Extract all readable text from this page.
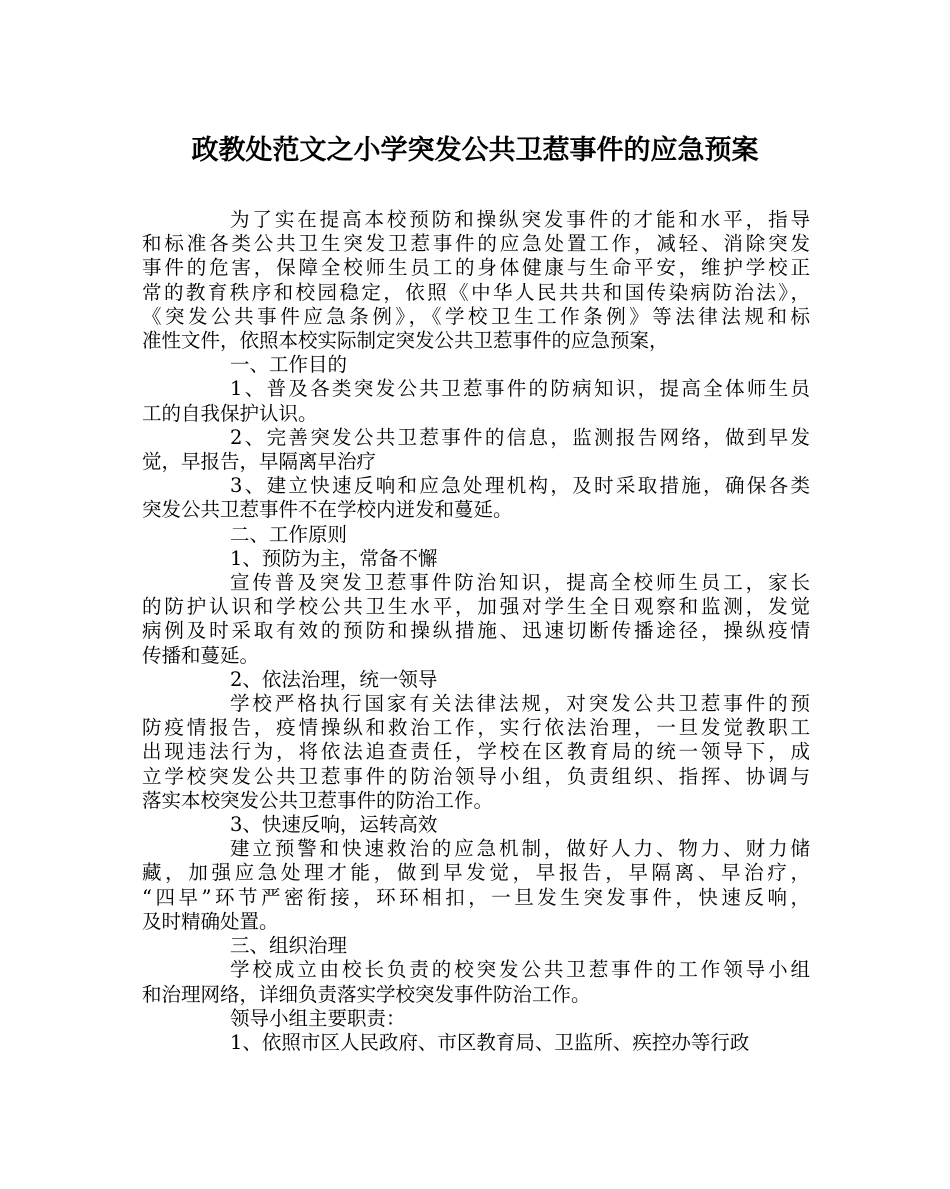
政教处范文之小学突发公共卫惹事件的应急预案
为了实在提高本校预防和操纵突发事件的才能和水平，指导
和标准各类公共卫生突发卫惹事件的应急处置工作，减轻、消除突发
事件的危害，保障全校师生员工的身体健康与生命平安，维护学校正
常的教育秩序和校园稳定，依照《中华人民共共和国传染病防治法》，
《突发公共事件应急条例》，《学校卫生工作条例》等法律法规和标
准性文件，依照本校实际制定突发公共卫惹事件的应急预案，
一、工作目的
1、普及各类突发公共卫惹事件的防病知识，提高全体师生员
工的自我保护认识。
2、完善突发公共卫惹事件的信息，监测报告网络，做到早发
觉，早报告，早隔离早治疗
3、建立快速反响和应急处理机构，及时采取措施，确保各类
突发公共卫惹事件不在学校内迸发和蔓延。
二、工作原则
1、预防为主，常备不懈
宣传普及突发卫惹事件防治知识，提高全校师生员工，家长
的防护认识和学校公共卫生水平，加强对学生全日观察和监测，发觉
病例及时采取有效的预防和操纵措施、迅速切断传播途径，操纵疫情
传播和蔓延。
2、依法治理，统一领导
学校严格执行国家有关法律法规，对突发公共卫惹事件的预
防疫情报告，疫情操纵和救治工作，实行依法治理，一旦发觉教职工
出现违法行为，将依法追查责任，学校在区教育局的统一领导下，成
立学校突发公共卫惹事件的防治领导小组，负责组织、指挥、协调与
落实本校突发公共卫惹事件的防治工作。
3、快速反响，运转高效
建立预警和快速救治的应急机制，做好人力、物力、财力储
藏，加强应急处理才能，做到早发觉，早报告，早隔离、早治疗，
“四早”环节严密衔接，环环相扣，一旦发生突发事件，快速反响，
及时精确处置。
三、组织治理
学校成立由校长负责的校突发公共卫惹事件的工作领导小组
和治理网络，详细负责落实学校突发事件防治工作。
领导小组主要职责：
1、依照市区人民政府、市区教育局、卫监所、疾控办等行政
